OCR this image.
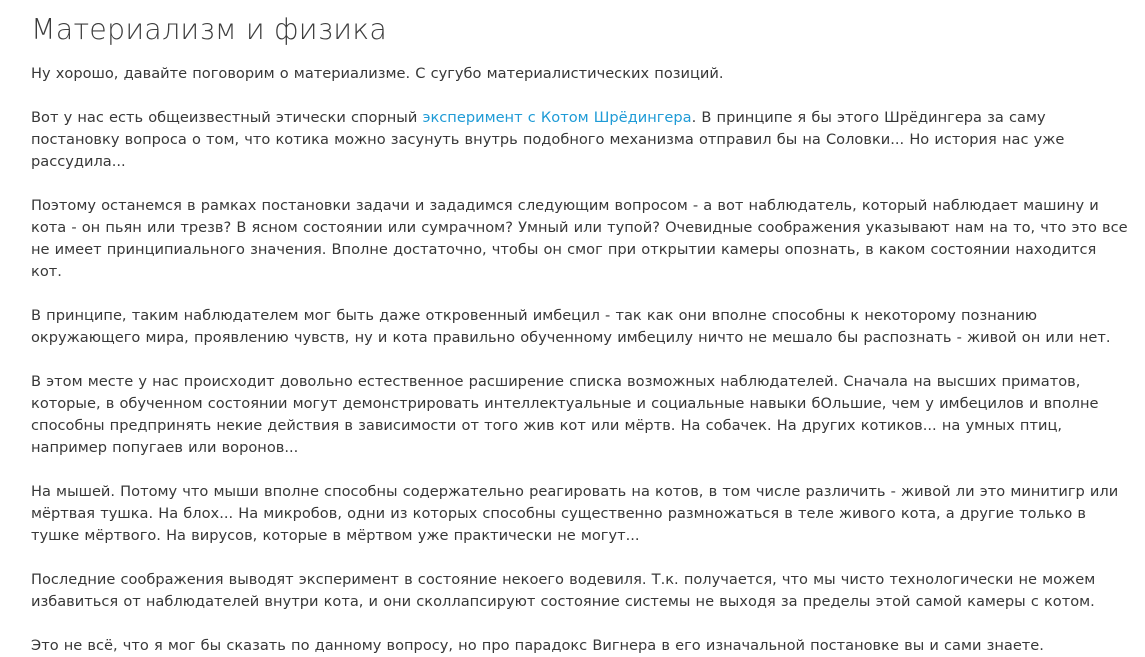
Материализм и физика

Ну хорошо, давайте поговорим о материализме. С сугубо материалистических позиций.

Вот у нас есть общеизвестный этически спорный эксперимент с Котом Шрёдингера. В принципе я бы этого Шрёдингера за саму постановку вопроса о том, что котика можно засунуть внутрь подобного механизма отправил бы на Соловки... Но история нас уже рассудила...

Поэтому останемся в рамках постановки задачи и зададимся следующим вопросом - а вот наблюдатель, который наблюдает машину и кота - он пьян или трезв? В ясном состоянии или сумрачном? Умный или тупой? Очевидные соображения указывают нам на то, что это все не имеет принципиального значения. Вполне достаточно, чтобы он смог при открытии камеры опознать, в каком состоянии находится кот.

В принципе, таким наблюдателем мог быть даже откровенный имбецил - так как они вполне способны к некоторому познанию окружающего мира, проявлению чувств, ну и кота правильно обученному имбецилу ничто не мешало бы распознать - живой он или нет.

В этом месте у нас происходит довольно естественное расширение списка возможных наблюдателей. Сначала на высших приматов, которые, в обученном состоянии могут демонстрировать интеллектуальные и социальные навыки бОльшие, чем у имбецилов и вполне способны предпринять некие действия в зависимости от того жив кот или мёртв. На собачек. На других котиков... на умных птиц, например попугаев или воронов...

На мышей. Потому что мыши вполне способны содержательно реагировать на котов, в том числе различить - живой ли это минитигр или мёртвая тушка. На блох... На микробов, одни из которых способны существенно размножаться в теле живого кота, а другие только в тушке мёртвого. На вирусов, которые в мёртвом уже практически не могут...

Последние соображения выводят эксперимент в состояние некоего водевиля. Т.к. получается, что мы чисто технологически не можем избавиться от наблюдателей внутри кота, и они сколлапсируют состояние системы не выходя за пределы этой самой камеры с котом.

Это не всё, что я мог бы сказать по данному вопросу, но про парадокс Вигнера в его изначальной постановке вы и сами знаете.
